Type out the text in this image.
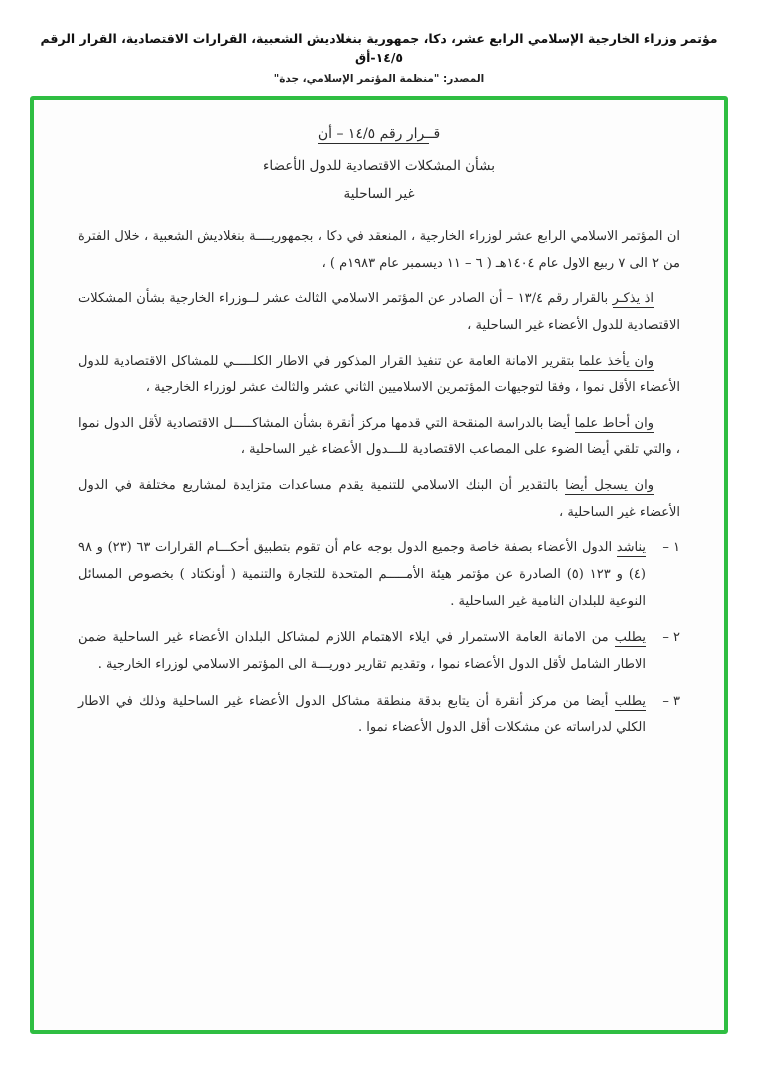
مؤتمر وزراء الخارجية الإسلامي الرابع عشر، دكا، جمهورية بنغلاديش الشعبية، القرارات الاقتصادية، القرار الرقم ١٤/٥-أق
المصدر: "منظمة المؤتمر الإسلامي، جدة"
قــرار رقم ١٤/٥ – أن
بشأن المشكلات الاقتصادية للدول الأعضاء
غير الساحلية

ان المؤتمر الاسلامي الرابع عشر لوزراء الخارجية ، المنعقد في دكا ، بجمهوريــــة بنغلاديش الشعبية ، خلال الفترة من ٢ الى ٧ ربيع الاول عام ١٤٠٤هـ ( ٦ – ١١ ديسمبر عام ١٩٨٣م ) ،

اذ يذكـر بالقرار رقم ١٣/٤ – أن الصادر عن المؤتمر الاسلامي الثالث عشر لــوزراء الخارجية بشأن المشكلات الاقتصادية للدول الأعضاء غير الساحلية ،

وان يأخذ علما بتقرير الامانة العامة عن تنفيذ القرار المذكور في الاطار الكلـــــي للمشاكل الاقتصادية للدول الأعضاء الأقل نموا ، وفقا لتوجيهات المؤتمرين الاسلاميين الثاني عشر والثالث عشر لوزراء الخارجية ،

وان أحاط علما أيضا بالدراسة المنقحة التي قدمها مركز أنقرة بشأن المشاكـــــل الاقتصادية لأقل الدول نموا ، والتي تلقي أيضا الضوء على المصاعب الاقتصادية للـــدول الأعضاء غير الساحلية ،

وان يسجل أيضا بالتقدير أن البنك الاسلامي للتنمية يقدم مساعدات متزايدة لمشاريع مختلفة في الدول الأعضاء غير الساحلية ،

١ –
يناشد الدول الأعضاء بصفة خاصة وجميع الدول بوجه عام أن تقوم بتطبيق أحكـــام القرارات ٦٣ (٢٣) و ٩٨ (٤) و ١٢٣ (٥) الصادرة عن مؤتمر هيئة الأمـــــم المتحدة للتجارة والتنمية ( أونكتاد ) بخصوص المسائل النوعية للبلدان النامية غير الساحلية .
٢ –
يطلب من الامانة العامة الاستمرار في ايلاء الاهتمام اللازم لمشاكل البلدان الأعضاء غير الساحلية ضمن الاطار الشامل لأقل الدول الأعضاء نموا ، وتقديم تقارير دوريـــة الى المؤتمر الاسلامي لوزراء الخارجية .
٣ –
يطلب أيضا من مركز أنقرة أن يتابع بدقة منطقة مشاكل الدول الأعضاء غير الساحلية وذلك في الاطار الكلي لدراساته عن مشكلات أقل الدول الأعضاء نموا .
